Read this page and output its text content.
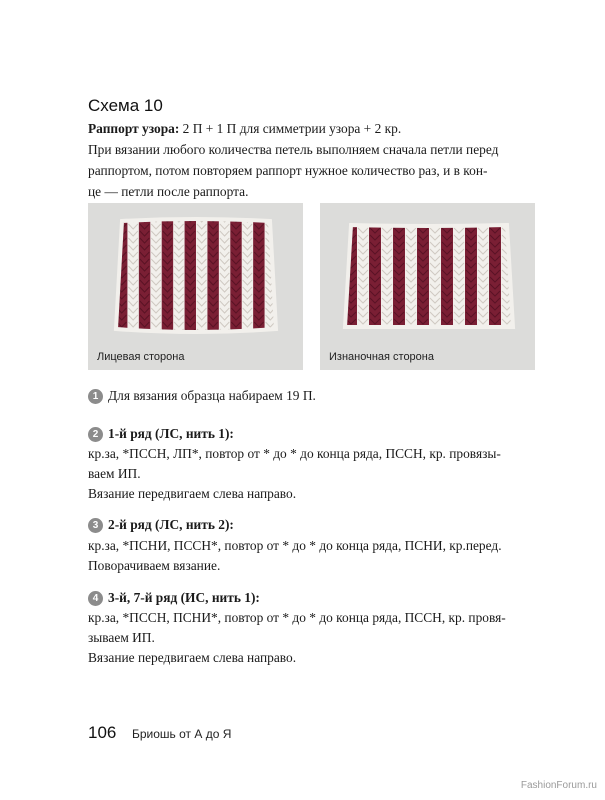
Схема 10
Раппорт узора: 2 П + 1 П для симметрии узора + 2 кр.
При вязании любого количества петель выполняем сначала петли перед
раппортом, потом повторяем раппорт нужное количество раз, и в кон-
це — петли после раппорта.
Лицевая сторона	Изнаночная сторона
1 Для вязания образца набираем 19 П.
2 1-й ряд (ЛС, нить 1):
кр.за, *ПССН, ЛП*, повтор от * до * до конца ряда, ПССН, кр. провязы-
ваем ИП.
Вязание передвигаем слева направо.
3 2-й ряд (ЛС, нить 2):
кр.за, *ПСНИ, ПССН*, повтор от * до * до конца ряда, ПСНИ, кр.перед.
Поворачиваем вязание.
4 3-й, 7-й ряд (ИС, нить 1):
кр.за, *ПССН, ПСНИ*, повтор от * до * до конца ряда, ПССН, кр. провя-
зываем ИП.
Вязание передвигаем слева направо.
106 Бриошь от А до Я
FashionForum.ru
